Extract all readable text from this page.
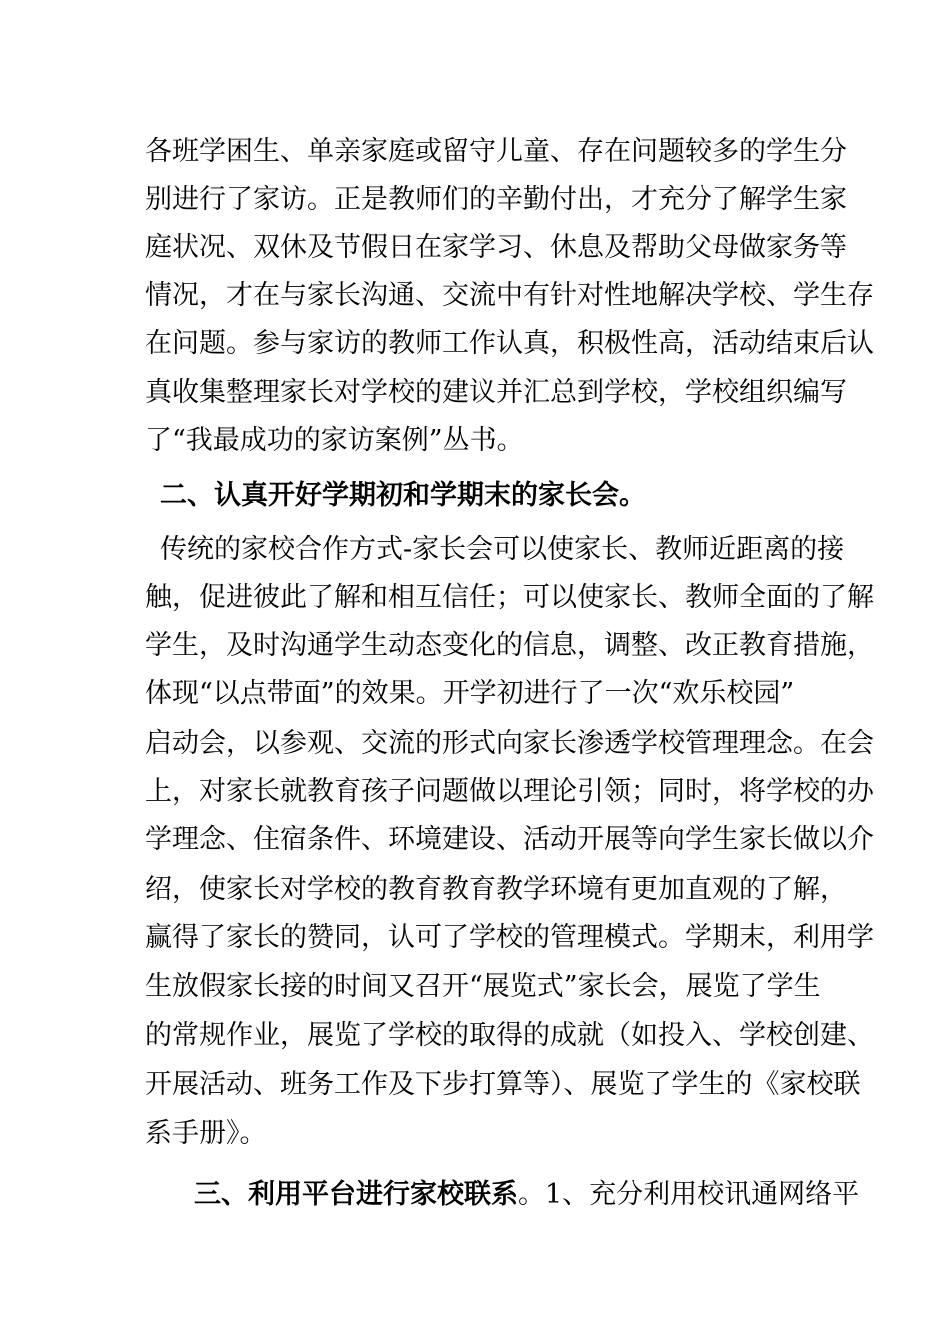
各班学困生、单亲家庭或留守儿童、存在问题较多的学生分
别进行了家访。正是教师们的辛勤付出，才充分了解学生家
庭状况、双休及节假日在家学习、休息及帮助父母做家务等
情况，才在与家长沟通、交流中有针对性地解决学校、学生存
在问题。参与家访的教师工作认真，积极性高，活动结束后认
真收集整理家长对学校的建议并汇总到学校，学校组织编写
了“我最成功的家访案例”丛书。
二、认真开好学期初和学期末的家长会。
传统的家校合作方式-家长会可以使家长、教师近距离的接
触，促进彼此了解和相互信任；可以使家长、教师全面的了解
学生，及时沟通学生动态变化的信息，调整、改正教育措施，
体现“以点带面”的效果。开学初进行了一次“欢乐校园”
启动会，以参观、交流的形式向家长渗透学校管理理念。在会
上，对家长就教育孩子问题做以理论引领；同时，将学校的办
学理念、住宿条件、环境建设、活动开展等向学生家长做以介
绍，使家长对学校的教育教育教学环境有更加直观的了解，
赢得了家长的赞同，认可了学校的管理模式。学期末，利用学
生放假家长接的时间又召开“展览式”家长会，展览了学生
的常规作业，展览了学校的取得的成就（如投入、学校创建、
开展活动、班务工作及下步打算等）、展览了学生的《家校联
系手册》。
三、利用平台进行家校联系。1、充分利用校讯通网络平
